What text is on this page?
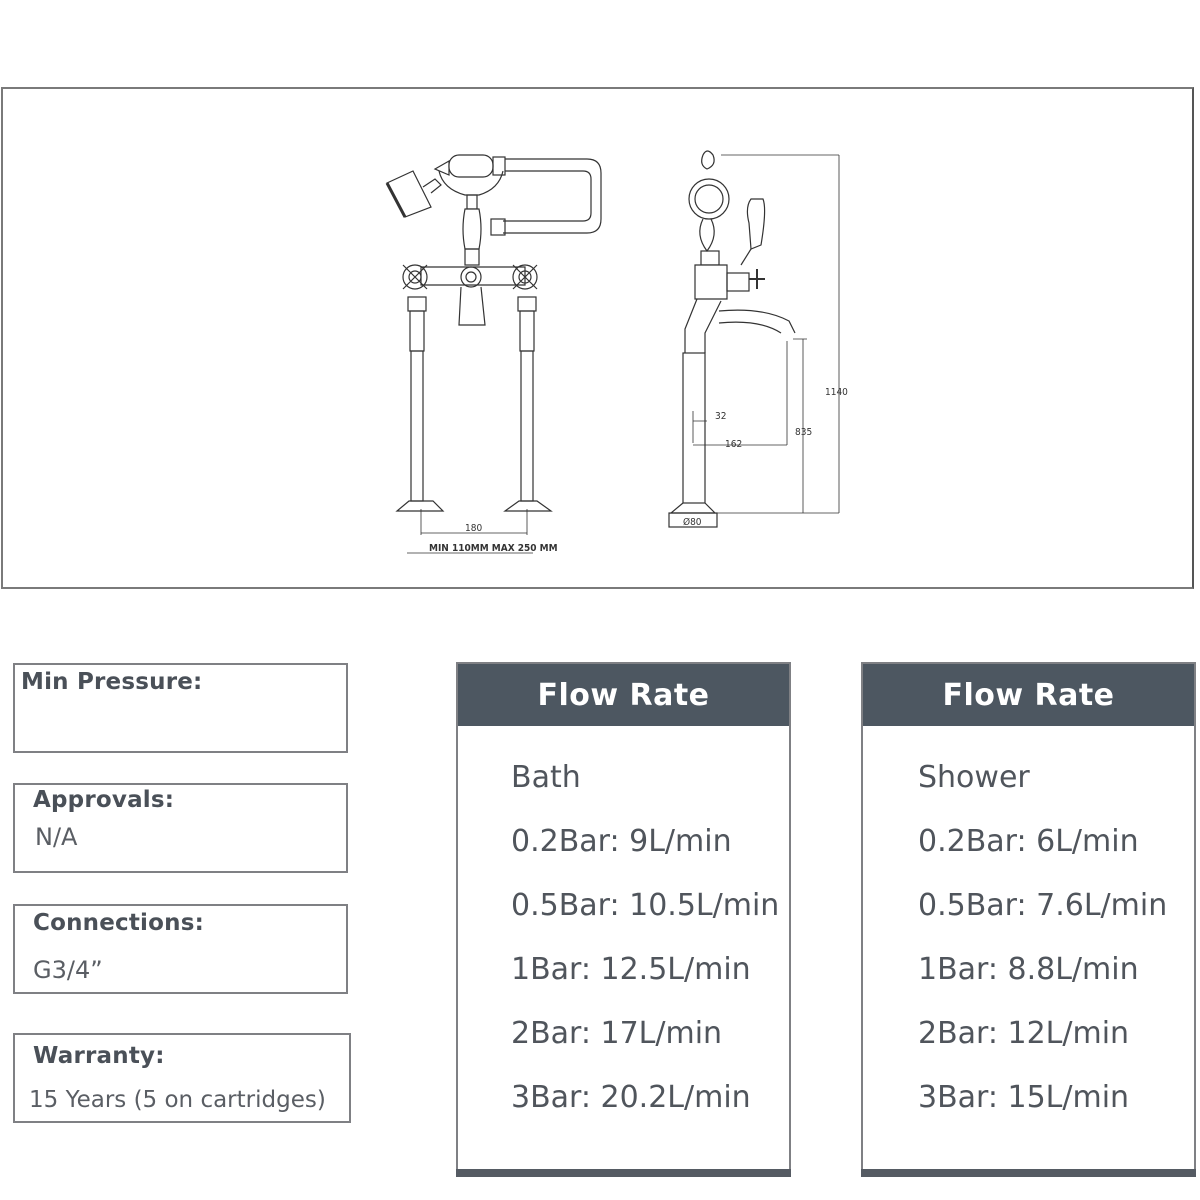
180
MIN 110MM MAX 250 MM
1140
835
32
162
Ø80
Min Pressure:
Approvals:
N/A
Connections:
G3/4”
Warranty:
15 Years (5 on cartridges)
Flow Rate
Bath
0.2Bar: 9L/min
0.5Bar: 10.5L/min
1Bar: 12.5L/min
2Bar: 17L/min
3Bar: 20.2L/min
Flow Rate
Shower
0.2Bar: 6L/min
0.5Bar: 7.6L/min
1Bar: 8.8L/min
2Bar: 12L/min
3Bar: 15L/min
